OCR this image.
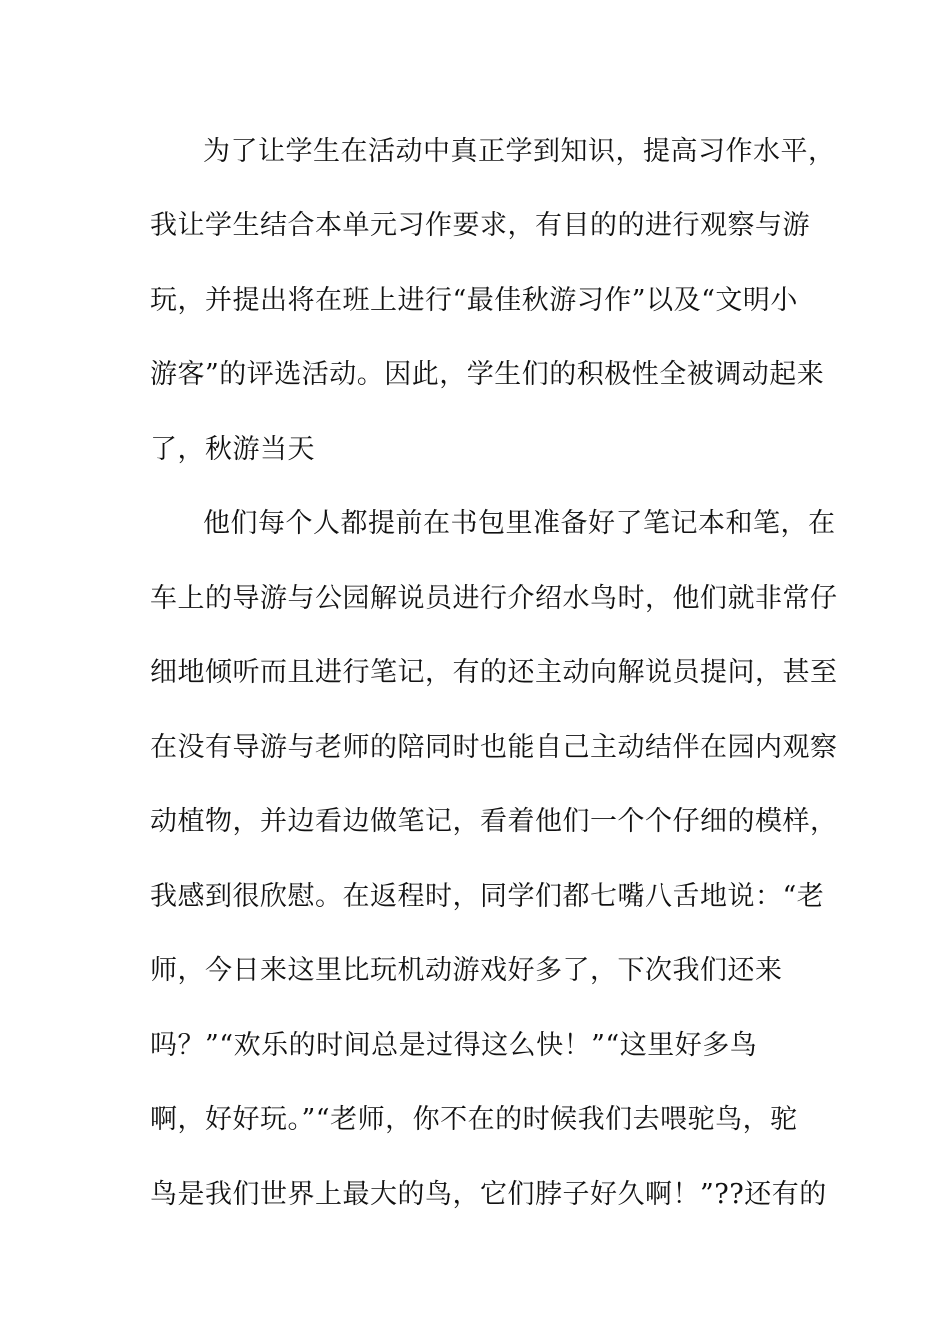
为了让学生在活动中真正学到知识，提高习作水平，
我让学生结合本单元习作要求，有目的的进行观察与游
玩，并提出将在班上进行“最佳秋游习作”以及“文明小
游客”的评选活动。因此，学生们的积极性全被调动起来
了，秋游当天
他们每个人都提前在书包里准备好了笔记本和笔，在
车上的导游与公园解说员进行介绍水鸟时，他们就非常仔
细地倾听而且进行笔记，有的还主动向解说员提问，甚至
在没有导游与老师的陪同时也能自己主动结伴在园内观察
动植物，并边看边做笔记，看着他们一个个仔细的模样，
我感到很欣慰。在返程时，同学们都七嘴八舌地说：“老
师，今日来这里比玩机动游戏好多了，下次我们还来
吗？”“欢乐的时间总是过得这么快！”“这里好多鸟
啊，好好玩。”“老师，你不在的时候我们去喂驼鸟，驼
鸟是我们世界上最大的鸟，它们脖子好久啊！”??还有的
